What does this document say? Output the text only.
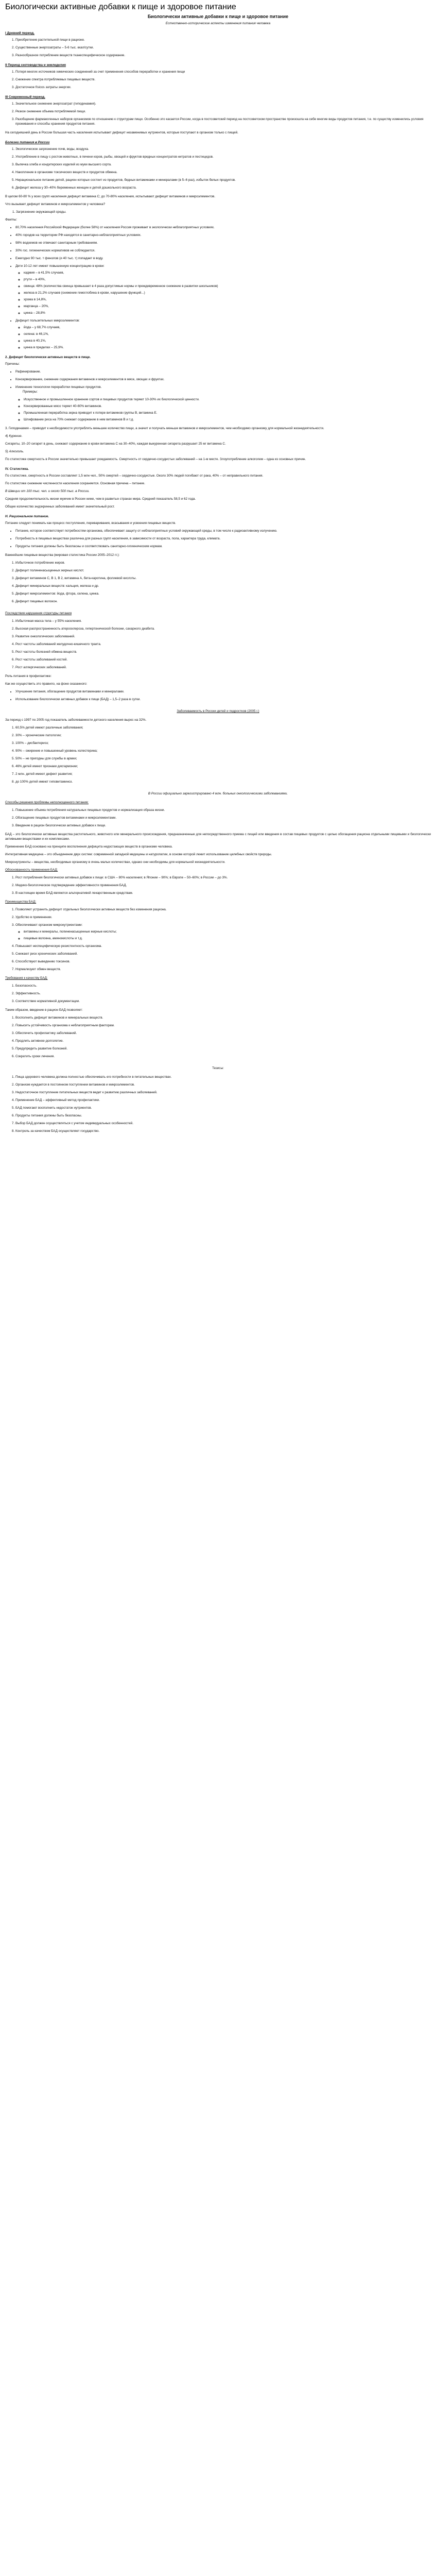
Биологически активные добавки к пище и здоровое питание
Биологически активные добавки к пище и здоровое питание
Естественно-исторические аспекты изменения питания человека
I Древний период.
1. Приобретение растительной пищи в рационе.
2. Существенные энергозатраты – 5-6 тыс. ккал/сутки.
3. Разнообразное потребление веществ тканеспецифическое содержание.
II Период скотоводства и земледелия
1. Потеря многих источников химических соединений за счет применения способов переработки и хранения пищи
2. Снижение спектра потребляемых пищевых веществ.
3. Достаточное físicos затраты энергии.
III Современный период.
1. Значительное снижение энергозатрат (гиподинамия).
2. Резкое снижение объема потребляемой пищи.
3. Разобщение фармакогенных наборов организмов по отношению к структурам пищи. Особенно это касается России, когда в постсоветский период на постсоветском пространстве произошла на себе многие виды продуктов питания, т.е. по существу изменились условия проживания и способы хранения продуктов питания.

На сегодняшний день в России большая часть населения испытывает дефицит незаменимых нутриентов, которые поступают в организм только с пищей.

Болезни питания в России
1. Экологическое загрязнение почв, воды, воздуха.
2. Употребление в пищу с ростом животных, в печени коров, рыбы, овощей и фруктов вредных концентратов нитратов и пестицидов.
3. Выпечка хлеба и кондитерских изделий из муки высшего сорта.
4. Накопление в организме токсических веществ и продуктов обмена.
5. Нерациональное питание детей, рацион которых состоит из продуктов, бедных витаминами и минералами (в 5–6 раз), избыток белых продуктов.
6. Дефицит железа у 30–40% беременных женщин и детей дошкольного возраста.

В целом 60-80 % у всех групп населения дефицит витамина С; до 70-80% населения, испытывают дефицит витаминов и микроэлементов.

Что вызывает дефицит витаминов и микроэлементов у человека?

1. Загрязнение окружающей среды.

Факты:

• 80,70% населения Российской Федерации (более 58%) от населения Россия проживает в экологически неблагоприятных условиях.
• 40% городов на территории РФ находятся в санитарно-неблагоприятных условиях.
• 98% водоемов не отвечают санитарным требованиям.
• 30% гос. гигиенических нормативов не соблюдается.
• Ежегодно 90 тыс. т фенолов (и 40 тыс. т) попадает в воду.
• Дети 10-12 лет имеют повышенную концентрацию в крови:
◦ кадмия – в 41,5% случаев,
◦ ртути – в 40%,
◦ свинца: 48% (количества свинца превышает в 4 раза допустимые нормы и преждевременное снижение в развитии школьников)
◦ железа в 21,2% случаев (снижение гемоглобина в крови, нарушение функций...)
◦ хрома в 14,8%,
◦ марганца – 20%,
◦ цинка – 28,8%
• Дефицит пользительных микроэлементов:
◦ йода – у 68,7% случаев,
◦ селена: в 46,1%,
◦ цинка в 40,1%,
◦ цинка в пределах – 25,9%.
2. Дефицит биологически активных веществ в пище.

Причины:

• Рафинирование.
• Консервирование, снижение содержания витаминов и микроэлементов в мясе, овощах и фруктах.
• Изменение технологии переработки пищевых продуктов.

Примеры:

◦ Искусственное и промышленное хранение сортов и пищевых продуктов теряют 10-30% их биологической ценности.
◦ Консервированные мясо теряет 40-60% витаминов.
◦ Промышленная переработка зерна приводит к потере витаминов группы В, витамина Е.
◦ Шлифование риса на 70% снижает содержание в нем витаминов В и т.д.

3. Гиподинамия – приводит к необходимости употреблять меньшее количество пищи, а значит и получать меньше витаминов и микроэлементов, чем необходимо организму для нормальной жизнедеятельности.

4) Курение.

Сигареты, 10–20 сигарет в день, снижают содержание в крови витамина С на 30–40%, каждая выкуренная сигарета разрушает 25 мг витамина С.

5) Алкоголь.

По статистике смертность в России значительно превышает рождаемость. Смертность от сердечно-сосудистых заболеваний – на 1-м месте. Злоупотребление алкоголем – одна из основных причин.

IV. Статистика.

По статистике, смертность в России составляет 1,5 млн чел., 50% смертей – сердечно-сосудистые. Около 30% людей погибают от рака, 40% – от неправильного питания.

По статистике снижение численности населения сохраняется. Основная причина – питание.

В Швеции от 100 тыс. чел. и около 500 тыс. в России.

Средняя продолжительность жизни мужчин в России ниже, чем в развитых странах мира. Средний показатель 58,5 и 62 года.

Общее количество эндокринных заболеваний имеет значительный рост.

Н. Рациональное питание.

Питание следует понимать как процесс поступления, переваривания, всасывания и усвоения пищевых веществ.

• Питание, которое соответствует потребностям организма, обеспечивает защиту от неблагоприятных условий окружающей среды, в том числе к радиоактивному излучению.
• Потребность в пищевых веществах различна для разных групп населения, в зависимости от возраста, пола, характера труда, климата.
• Продукты питания должны быть безопасны и соответствовать санитарно-гигиеническим нормам.

Важнейшие пищевые вещества (мировая статистика России 2005–2012 гг.):

1. Избыточное потребление жиров.
2. Дефицит полиненасыщенных жирных кислот.
3. Дефицит витаминов С, В 1, В 2, витамина А, бета-каротина, фолиевой кислоты.
4. Дефицит минеральных веществ: кальция, железа и др.
5. Дефицит микроэлементов: йода, фтора, селена, цинка.
6. Дефицит пищевых волокон.

Последствия нарушения структуры питания

1. Избыточная масса тела – у 55% населения.
2. Высокая распространенность атеросклероза, гипертонической болезни, сахарного диабета.
3. Развитие онкологических заболеваний.
4. Рост частоты заболеваний желудочно-кишечного тракта.
5. Рост частоты болезней обмена веществ.
6. Рост частоты заболеваний костей.
7. Рост аллергических заболеваний.

Роль питания в профилактике:

Как же осуществить это правило, на фоне сказанного:

• Улучшение питания, обогащение продуктов витаминами и минералами.
• Использование биологически активных добавок к пище (БАД) – 1,5–2 раза в сутки.
Заболеваемость в России детей и подростков (2005 г.)

За период с 1997 по 2005 год показатель заболеваемости детского населения вырос на 32%.

1. 60,5% детей имеют различные заболевания;
2. 30% – хронические патологии;
3. 100% – дисбактериоз;
4. 90% – ожирение и повышенный уровень холестерина;
5. 50% – не пригодны для службы в армии;
6. 46% детей имеют признаки дисгармонии;
7. 2 млн. детей имеют дефект развития;
8. до 100% детей имеют гиповитаминоз.
В России официально зарегистрировано 4 млн. больных онкологическими заболеваниями.

Способы решения проблемы неполноценного питания:

1. Повышение объема потребления натуральных пищевых продуктов и нормализация образа жизни.
2. Обогащение пищевых продуктов витаминами и микроэлементами.
3. Введение в рацион биологически активных добавок к пище.

БАД – это биологически активные вещества растительного, животного или минерального происхождения, предназначенные для непосредственного приема с пищей или введения в состав пищевых продуктов с целью обогащения рациона отдельными пищевыми и биологически активными веществами и их комплексами.

Применение БАД основано на принципе восполнения дефицита недостающих веществ в организме человека.

Интегративная медицина – это объединение двух систем: современной западной медицины и натуропатии, в основе которой лежит использование целебных свойств природы.

Микронутриенты – вещества, необходимые организму в очень малых количествах, однако они необходимы для нормальной жизнедеятельности.

Обоснованность применения БАД:

1. Рост потребления биологически активных добавок к пище: в США – 80% населения; в Японии – 90%; в Европе – 50–60%; в России – до 3%.
2. Медико-биологическое подтверждение эффективности применения БАД.
3. В настоящее время БАД являются альтернативой лекарственным средствам.

Преимущества БАД:

1. Позволяют устранить дефицит отдельных биологически активных веществ без изменения рациона.
2. Удобство в применении.
3. Обеспечивают организм микронутриентами:
◦ витамины и минералы, полиненасыщенные жирные кислоты;
◦ пищевые волокна, аминокислоты и т.д.
4. Повышают неспецифическую резистентность организма.
5. Снижают риск хронических заболеваний.
6. Способствуют выведению токсинов.
7. Нормализуют обмен веществ.

Требования к качеству БАД:

1. Безопасность.
2. Эффективность.
3. Соответствие нормативной документации.

Таким образом, введение в рацион БАД позволяет:

1. Восполнить дефицит витаминов и минеральных веществ.
2. Повысить устойчивость организма к неблагоприятным факторам.
3. Обеспечить профилактику заболеваний.
4. Продлить активное долголетие.
5. Предупредить развитие болезней.
6. Сократить сроки лечения.
Тезисы:
1. Пища здорового человека должна полностью обеспечивать его потребности в питательных веществах.
2. Организм нуждается в постоянном поступлении витаминов и микроэлементов.
3. Недостаточное поступление питательных веществ ведет к развитию различных заболеваний.
4. Применение БАД – эффективный метод профилактики.
5. БАД помогают восполнить недостаток нутриентов.
6. Продукты питания должны быть безопасны.
7. Выбор БАД должен осуществляться с учетом индивидуальных особенностей.
8. Контроль за качеством БАД осуществляет государство.
